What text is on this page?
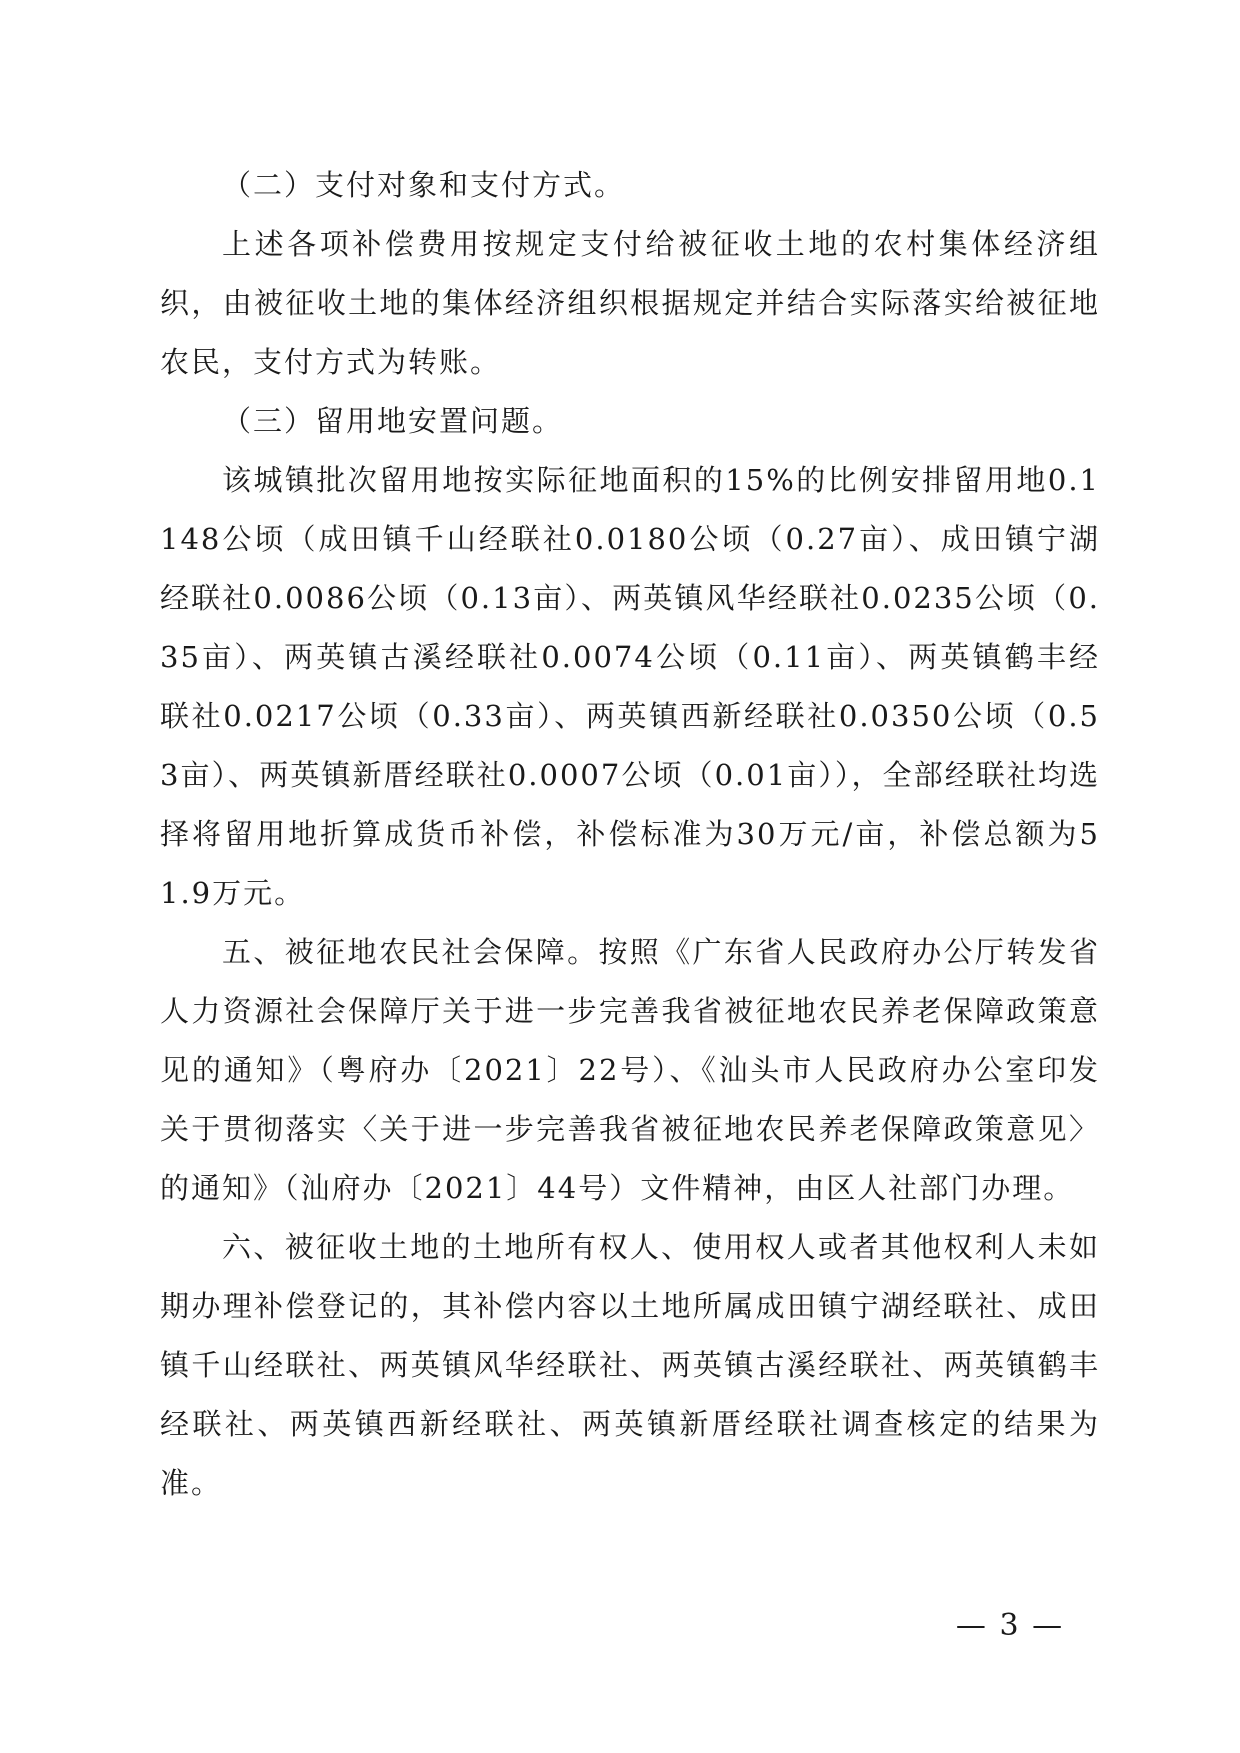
（二）支付对象和支付方式。

上述各项补偿费用按规定支付给被征收土地的农村集体经济组织，由被征收土地的集体经济组织根据规定并结合实际落实给被征地农民，支付方式为转账。

（三）留用地安置问题。

该城镇批次留用地按实际征地面积的15%的比例安排留用地0.1148公顷（成田镇千山经联社0.0180公顷（0.27亩）、成田镇宁湖经联社0.0086公顷（0.13亩）、两英镇风华经联社0.0235公顷（0.35亩）、两英镇古溪经联社0.0074公顷（0.11亩）、两英镇鹤丰经联社0.0217公顷（0.33亩）、两英镇西新经联社0.0350公顷（0.53亩）、两英镇新厝经联社0.0007公顷（0.01亩）），全部经联社均选择将留用地折算成货币补偿，补偿标准为30万元/亩，补偿总额为51.9万元。

五、被征地农民社会保障。按照《广东省人民政府办公厅转发省人力资源社会保障厅关于进一步完善我省被征地农民养老保障政策意见的通知》（粤府办〔2021〕22号）、《汕头市人民政府办公室印发关于贯彻落实〈关于进一步完善我省被征地农民养老保障政策意见〉的通知》（汕府办〔2021〕44号）文件精神，由区人社部门办理。

六、被征收土地的土地所有权人、使用权人或者其他权利人未如期办理补偿登记的，其补偿内容以土地所属成田镇宁湖经联社、成田镇千山经联社、两英镇风华经联社、两英镇古溪经联社、两英镇鹤丰经联社、两英镇西新经联社、两英镇新厝经联社调查核定的结果为准。

— 3 —
